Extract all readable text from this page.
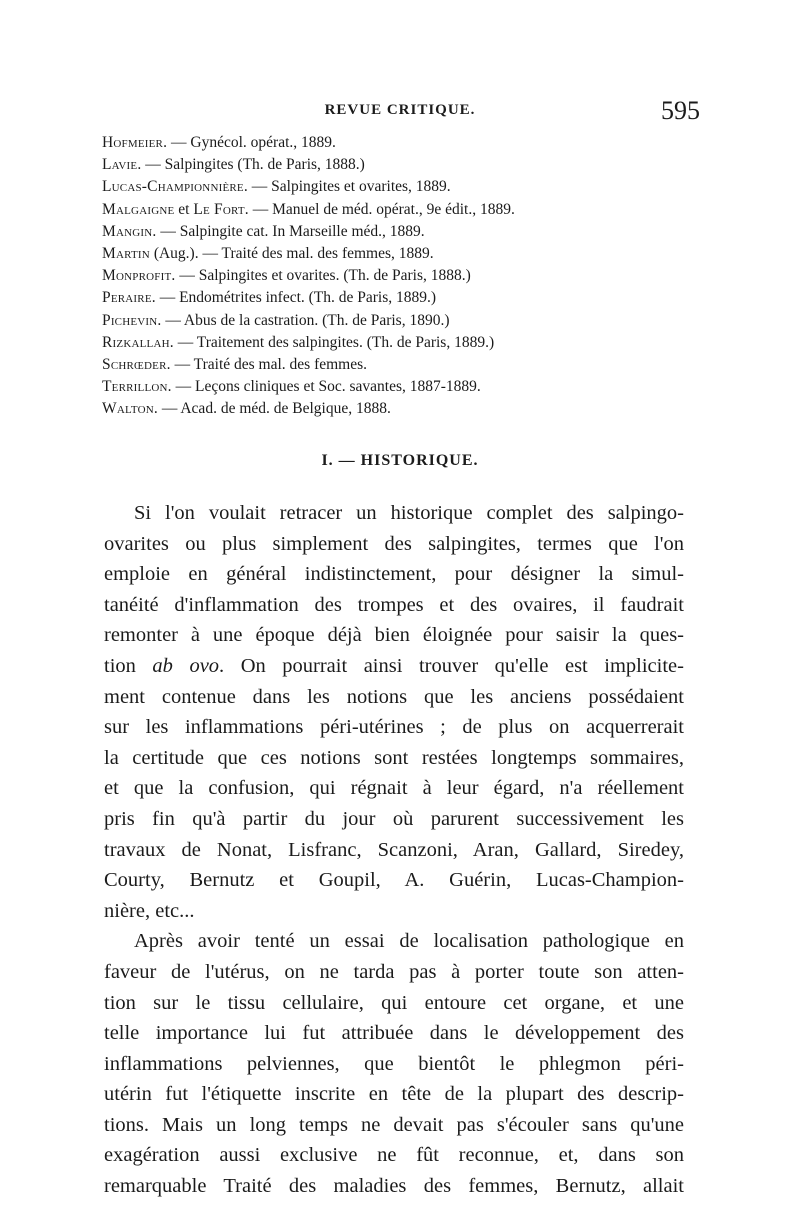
REVUE CRITIQUE.	595
Hofmeier. — Gynécol. opérat., 1889.
Lavie. — Salpingites (Th. de Paris, 1888.)
Lucas-Championnière. — Salpingites et ovarites, 1889.
Malgaigne et Le Fort. — Manuel de méd. opérat., 9e édit., 1889.
Mangin. — Salpingite cat. In Marseille méd., 1889.
Martin (Aug.). — Traité des mal. des femmes, 1889.
Monprofit. — Salpingites et ovarites. (Th. de Paris, 1888.)
Peraire. — Endométrites infect. (Th. de Paris, 1889.)
Pichevin. — Abus de la castration. (Th. de Paris, 1890.)
Rizkallah. — Traitement des salpingites. (Th. de Paris, 1889.)
Schrœder. — Traité des mal. des femmes.
Terrillon. — Leçons cliniques et Soc. savantes, 1887-1889.
Walton. — Acad. de méd. de Belgique, 1888.
I. — HISTORIQUE.
Si l'on voulait retracer un historique complet des salpingo-
ovarites ou plus simplement des salpingites, termes que l'on
emploie en général indistinctement, pour désigner la simul-
tanéité d'inflammation des trompes et des ovaires, il faudrait
remonter à une époque déjà bien éloignée pour saisir la ques-
tion ab ovo. On pourrait ainsi trouver qu'elle est implicite-
ment contenue dans les notions que les anciens possédaient
sur les inflammations péri-utérines ; de plus on acquerrerait
la certitude que ces notions sont restées longtemps sommaires,
et que la confusion, qui régnait à leur égard, n'a réellement
pris fin qu'à partir du jour où parurent successivement les
travaux de Nonat, Lisfranc, Scanzoni, Aran, Gallard, Siredey,
Courty, Bernutz et Goupil, A. Guérin, Lucas-Champion-
nière, etc...
Après avoir tenté un essai de localisation pathologique en
faveur de l'utérus, on ne tarda pas à porter toute son atten-
tion sur le tissu cellulaire, qui entoure cet organe, et une
telle importance lui fut attribuée dans le développement des
inflammations pelviennes, que bientôt le phlegmon péri-
utérin fut l'étiquette inscrite en tête de la plupart des descrip-
tions. Mais un long temps ne devait pas s'écouler sans qu'une
exagération aussi exclusive ne fût reconnue, et, dans son
remarquable Traité des maladies des femmes, Bernutz, allait
